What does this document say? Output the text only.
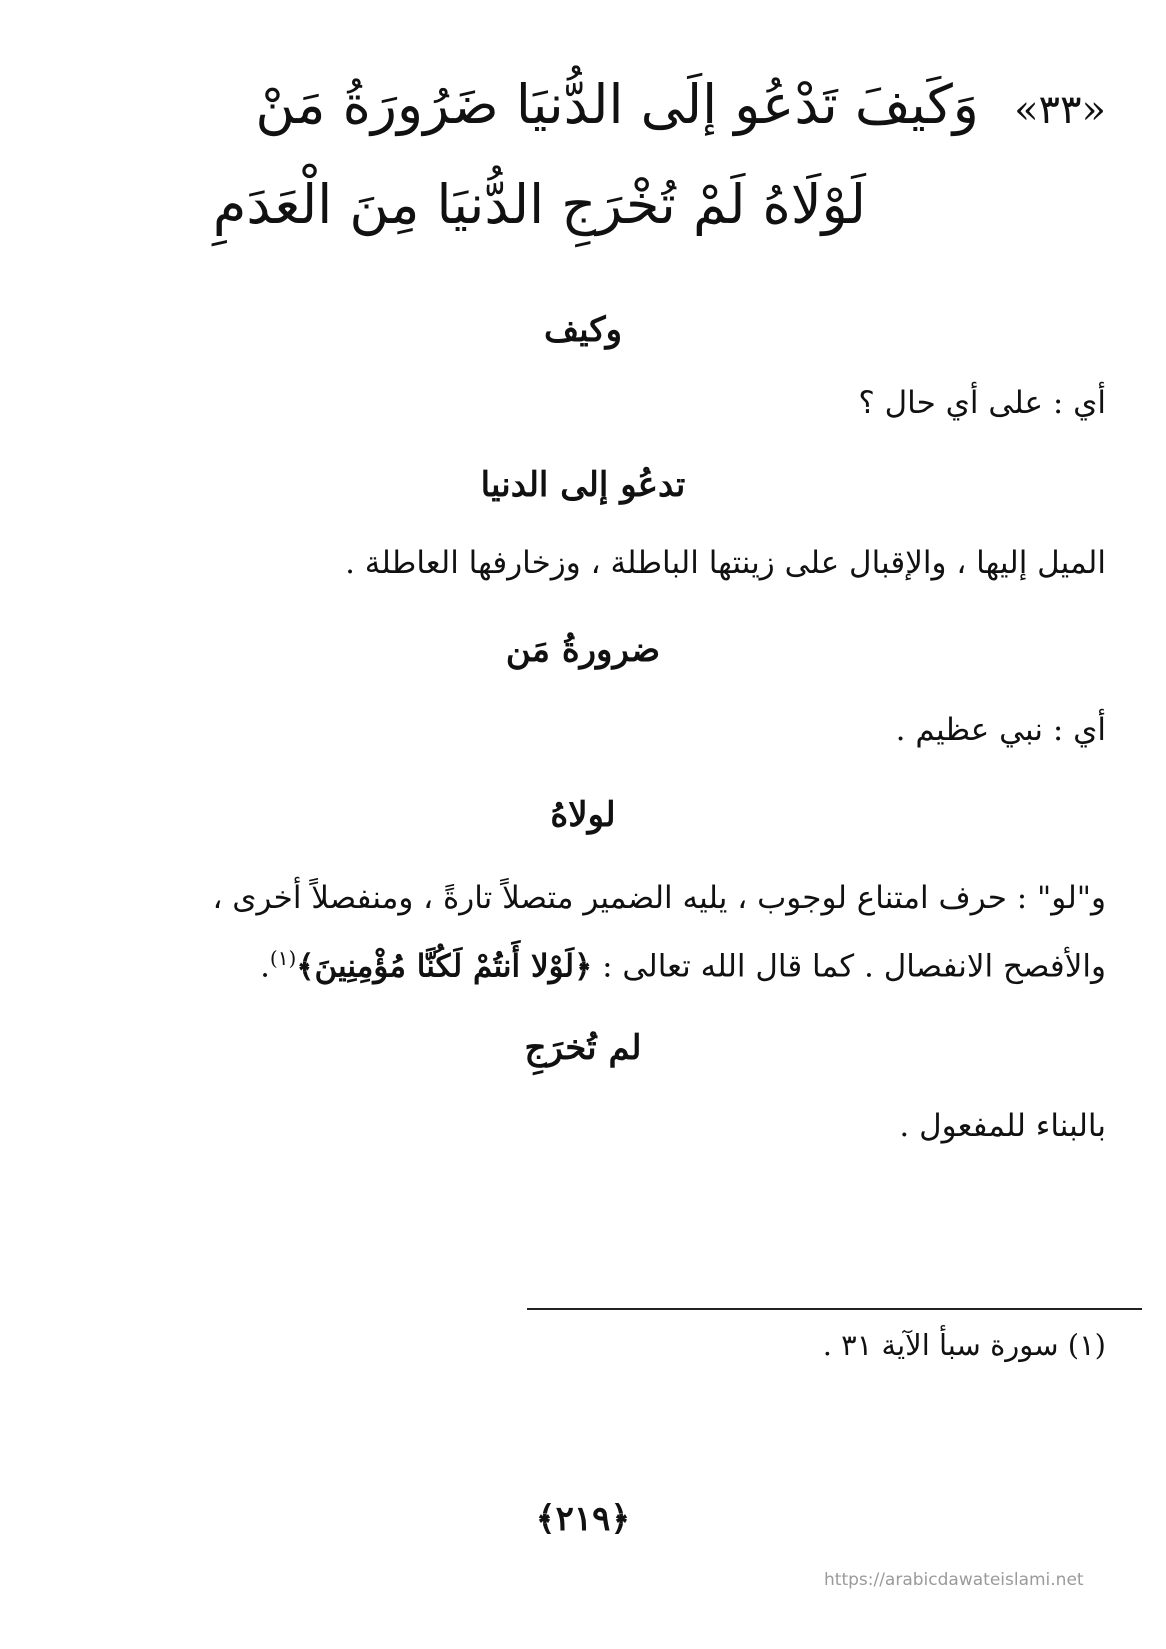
«٣٣» وَكَيفَ تَدْعُو إلَى الدُّنيَا ضَرُورَةُ مَنْ
لَوْلَاهُ لَمْ تُخْرَجِ الدُّنيَا مِنَ الْعَدَمِ
وكيف
أي : على أي حال ؟
تدعُو إلى الدنيا
الميل إليها ، والإقبال على زينتها الباطلة ، وزخارفها العاطلة .
ضرورةُ مَن
أي : نبي عظيم .
لولاهُ
و"لو" : حرف امتناع لوجوب ، يليه الضمير متصلاً تارةً ، ومنفصلاً أخرى ، والأفصح الانفصال . كما قال الله تعالى : ﴿لَوْلا أَنتُمْ لَكُنَّا مُؤْمِنِينَ﴾$^{(١)}$.
لم تُخرَجِ
بالبناء للمفعول .
(١) سورة سبأ الآية ٣١ .
﴿٢١٩﴾
https://arabicdawateislami.net
